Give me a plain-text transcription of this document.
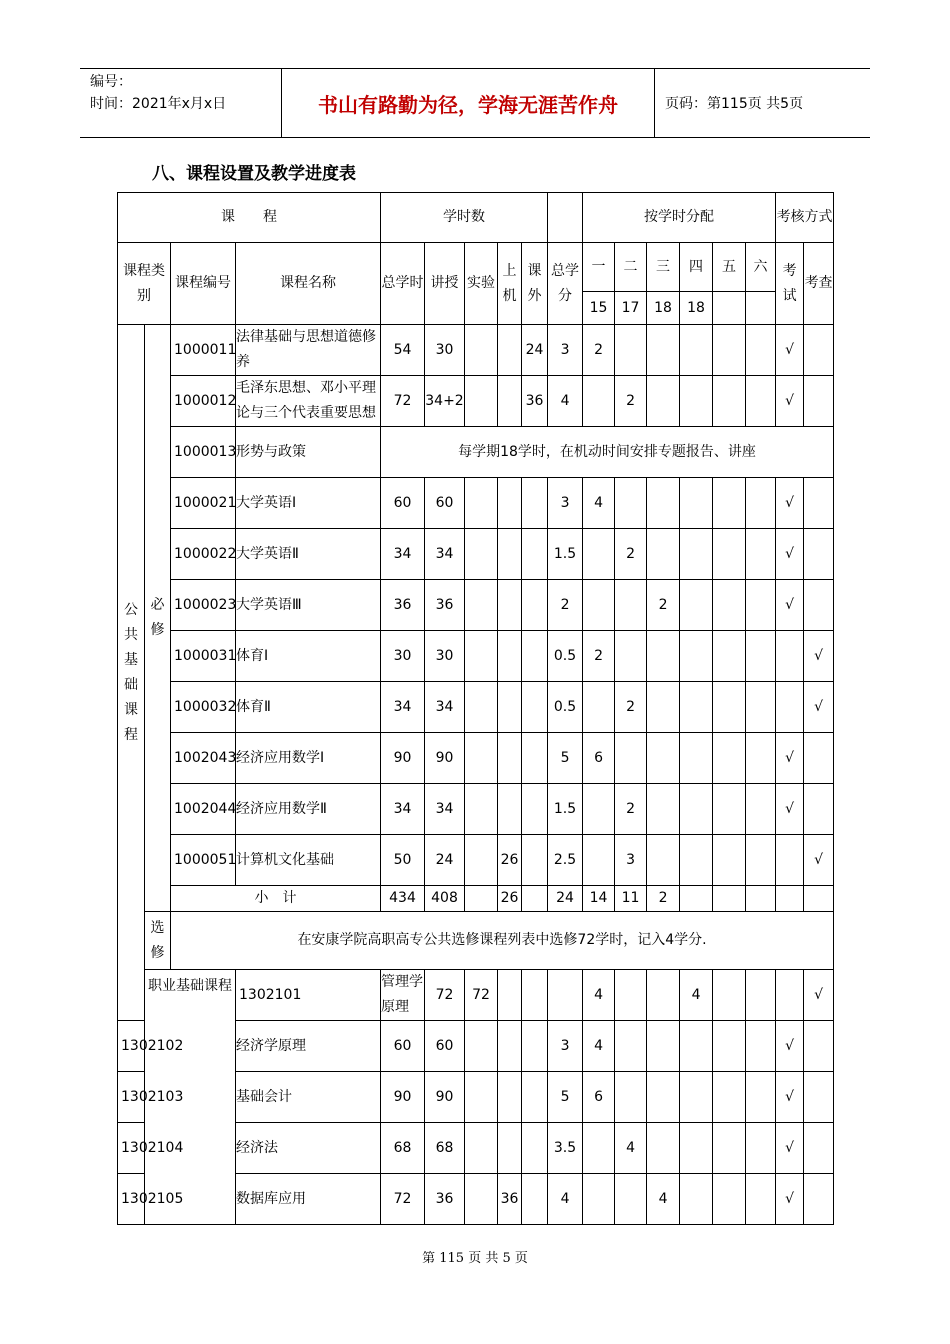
编号：
时间：2021年x月x日	书山有路勤为径，学海无涯苦作舟	页码：第115页 共5页
八、课程设置及教学进度表
课　　程				学时数						按学时分配						考核方式		
课程类别		课程编号	课程名称	总学时	讲授	实验	上机	课外	总学分	一	二	三	四	五	六	考试	考查	
										15	17	18	18					
公共基础课程	必修	1000011	法律基础与思想道德修养	54	30			24	3	2						√		
		1000012	毛泽东思想、邓小平理论与三个代表重要思想	72	34+2			36	4		2					√		
		1000013	形势与政策	每学期18学时，在机动时间安排专题报告、讲座	
		1000021	大学英语Ⅰ	60	60				3	4						√		
		1000022	大学英语Ⅱ	34	34				1.5		2					√		
		1000023	大学英语Ⅲ	36	36				2			2				√		
		1000031	体育Ⅰ	30	30				0.5	2							√	
		1000032	体育Ⅱ	34	34				0.5		2						√	
		1002043	经济应用数学Ⅰ	90	90				5	6						√		
		1002044	经济应用数学Ⅱ	34	34				1.5		2					√		
		1000051	计算机文化基础	50	24		26		2.5		3						√	
		小　计		434	408		26		24	14	11	2						
	选修	在安康学院高职高专公共选修课程列表中选修72学时，记入4学分.																
	职业基础课程		1302101	管理学原理	72	72				4			4				√	
1302102			经济学原理	60	60				3	4						√		
1302103			基础会计	90	90				5	6						√		
1302104			经济法	68	68				3.5		4					√		
1302105			数据库应用	72	36		36		4			4				√		
第 115 页 共 5 页
